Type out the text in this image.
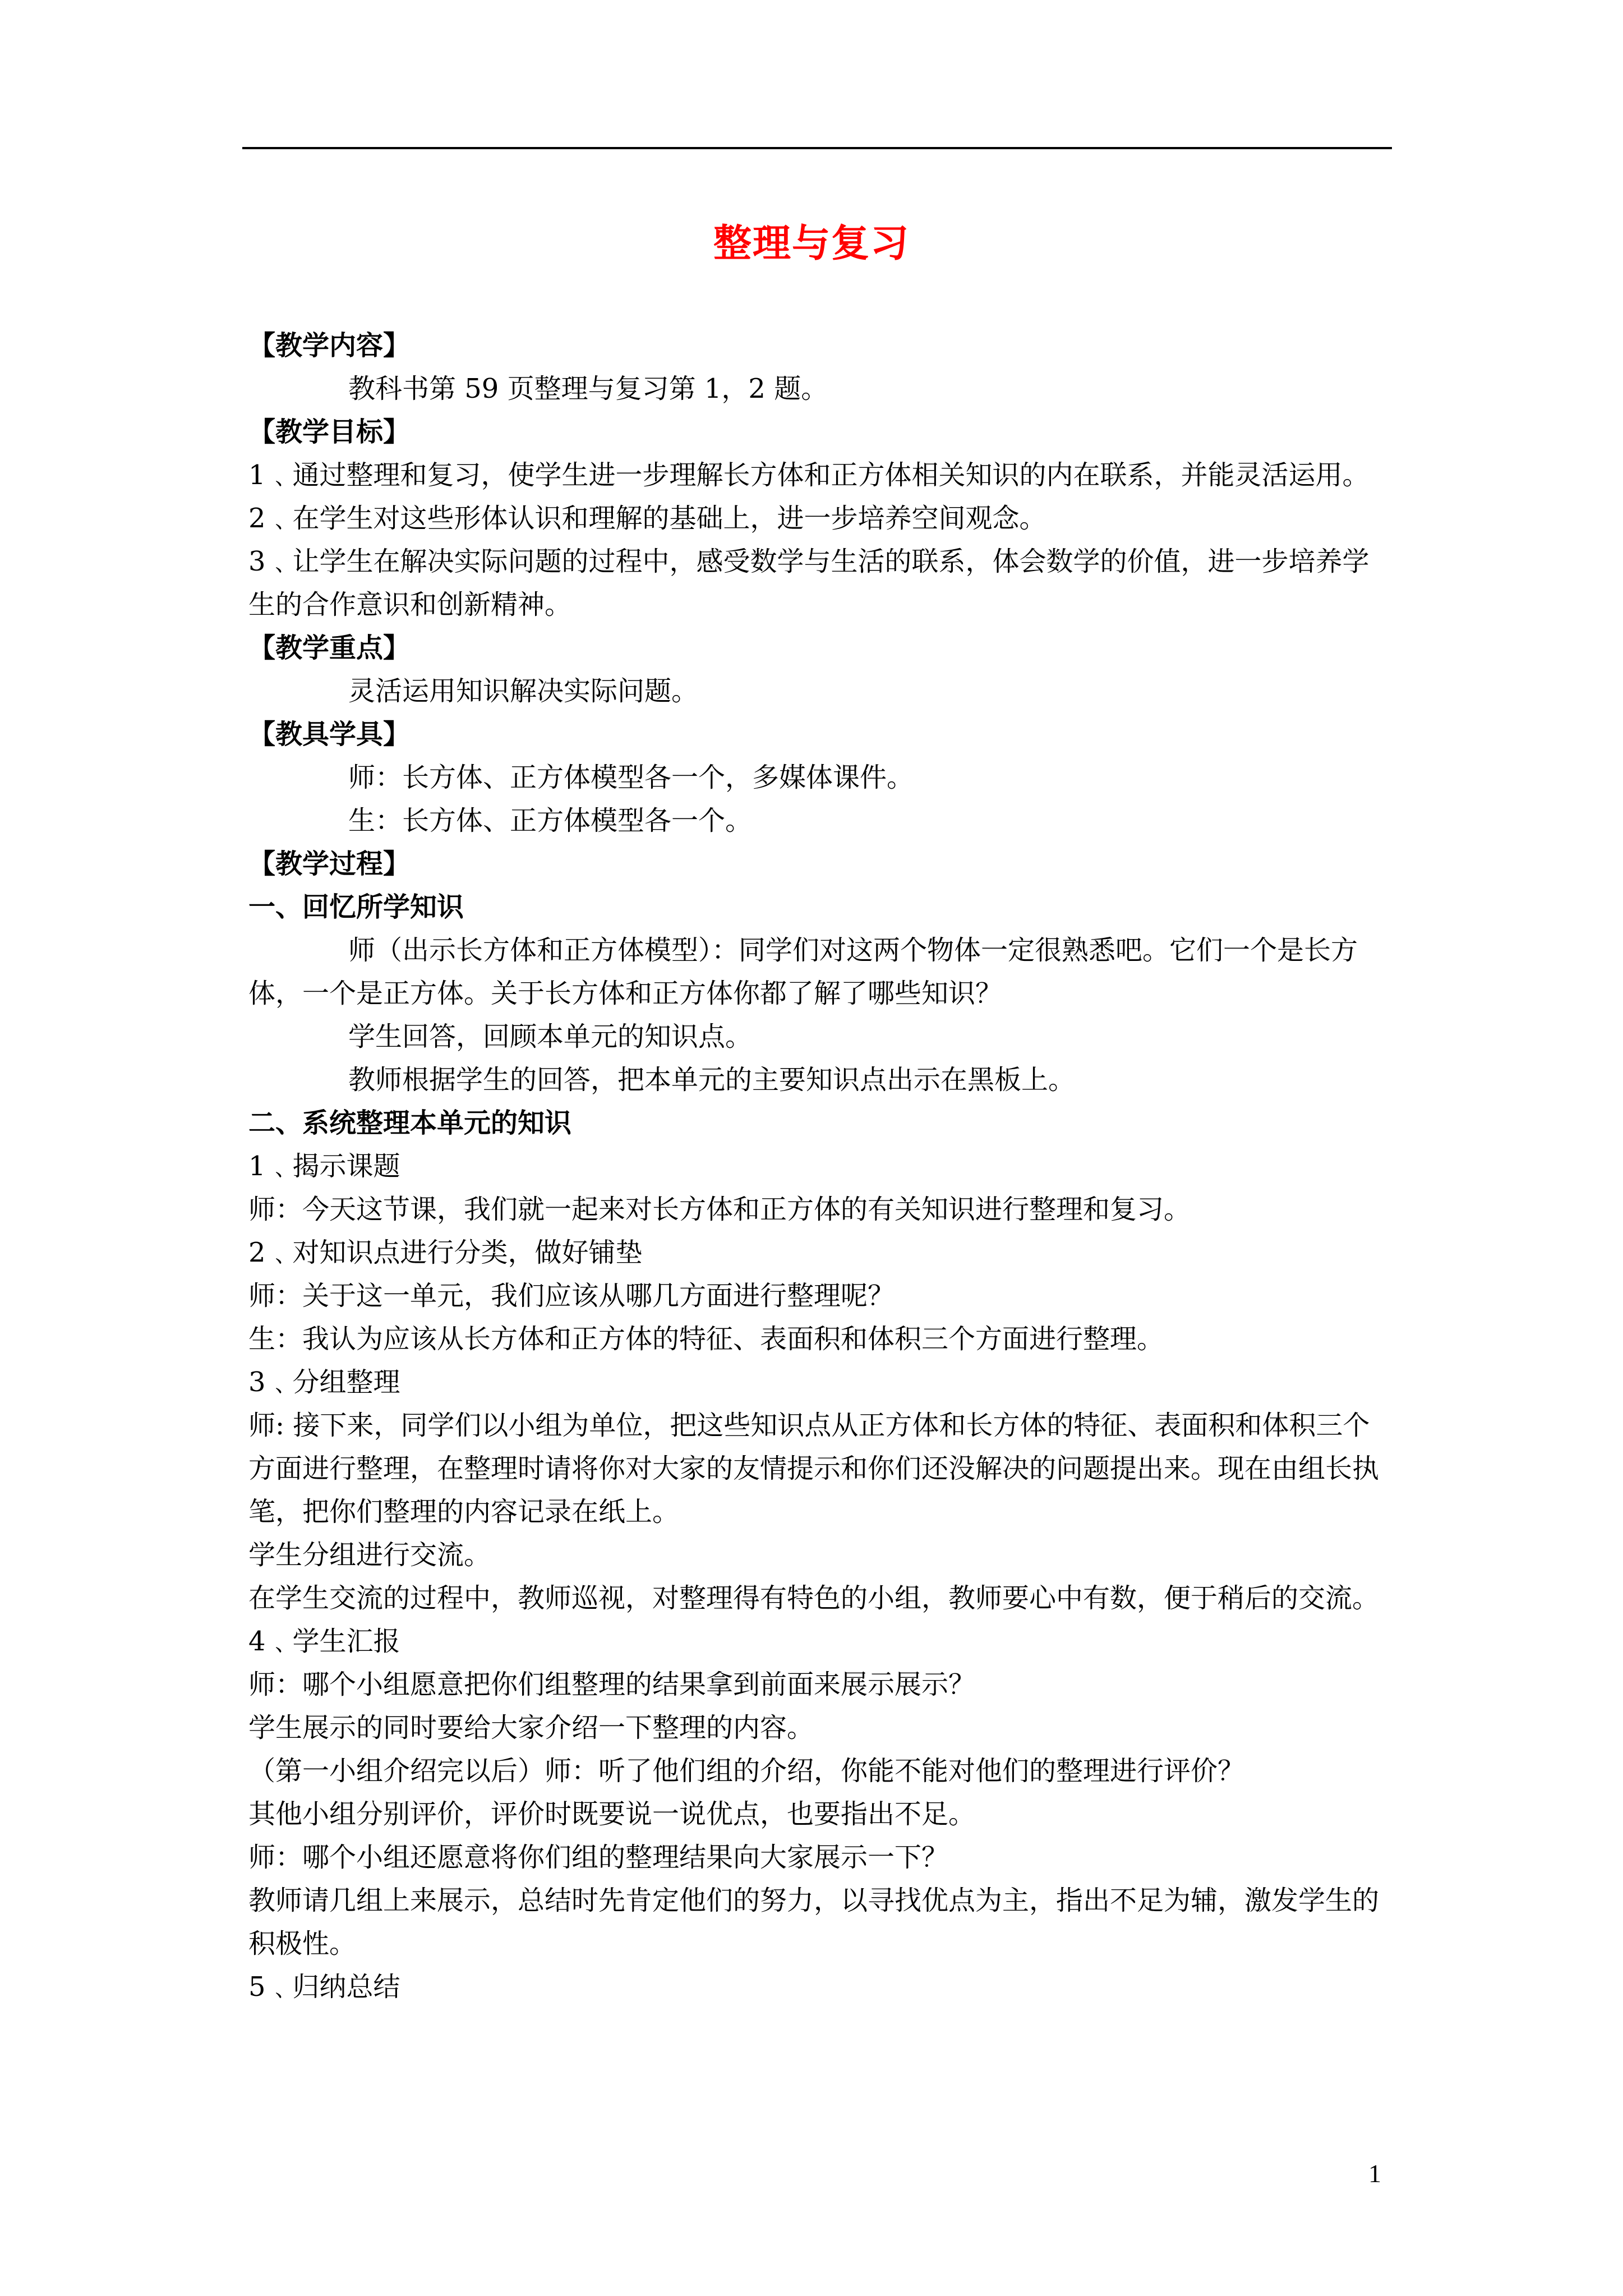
整理与复习
【教学内容】
教科书第 59 页整理与复习第 1，2 题。
【教学目标】
1﹑通过整理和复习，使学生进一步理解长方体和正方体相关知识的内在联系，并能灵活运用。
2﹑在学生对这些形体认识和理解的基础上，进一步培养空间观念。
3﹑让学生在解决实际问题的过程中，感受数学与生活的联系，体会数学的价值，进一步培养学生的合作意识和创新精神。
【教学重点】
灵活运用知识解决实际问题。
【教具学具】
师：长方体、正方体模型各一个，多媒体课件。
生：长方体、正方体模型各一个。
【教学过程】
一、回忆所学知识
师（出示长方体和正方体模型）：同学们对这两个物体一定很熟悉吧。它们一个是长方体，一个是正方体。关于长方体和正方体你都了解了哪些知识？
学生回答，回顾本单元的知识点。
教师根据学生的回答，把本单元的主要知识点出示在黑板上。
二、系统整理本单元的知识
1﹑揭示课题
师：今天这节课，我们就一起来对长方体和正方体的有关知识进行整理和复习。
2﹑对知识点进行分类，做好铺垫
师：关于这一单元，我们应该从哪几方面进行整理呢？
生：我认为应该从长方体和正方体的特征、表面积和体积三个方面进行整理。
3﹑分组整理
师: 接下来，同学们以小组为单位，把这些知识点从正方体和长方体的特征、表面积和体积三个方面进行整理，在整理时请将你对大家的友情提示和你们还没解决的问题提出来。现在由组长执笔，把你们整理的内容记录在纸上。
学生分组进行交流。
在学生交流的过程中，教师巡视，对整理得有特色的小组，教师要心中有数，便于稍后的交流。
4﹑学生汇报
师：哪个小组愿意把你们组整理的结果拿到前面来展示展示？
学生展示的同时要给大家介绍一下整理的内容。
（第一小组介绍完以后）师：听了他们组的介绍，你能不能对他们的整理进行评价？
其他小组分别评价，评价时既要说一说优点，也要指出不足。
师：哪个小组还愿意将你们组的整理结果向大家展示一下？
教师请几组上来展示，总结时先肯定他们的努力，以寻找优点为主，指出不足为辅，激发学生的积极性。
5﹑归纳总结
1
